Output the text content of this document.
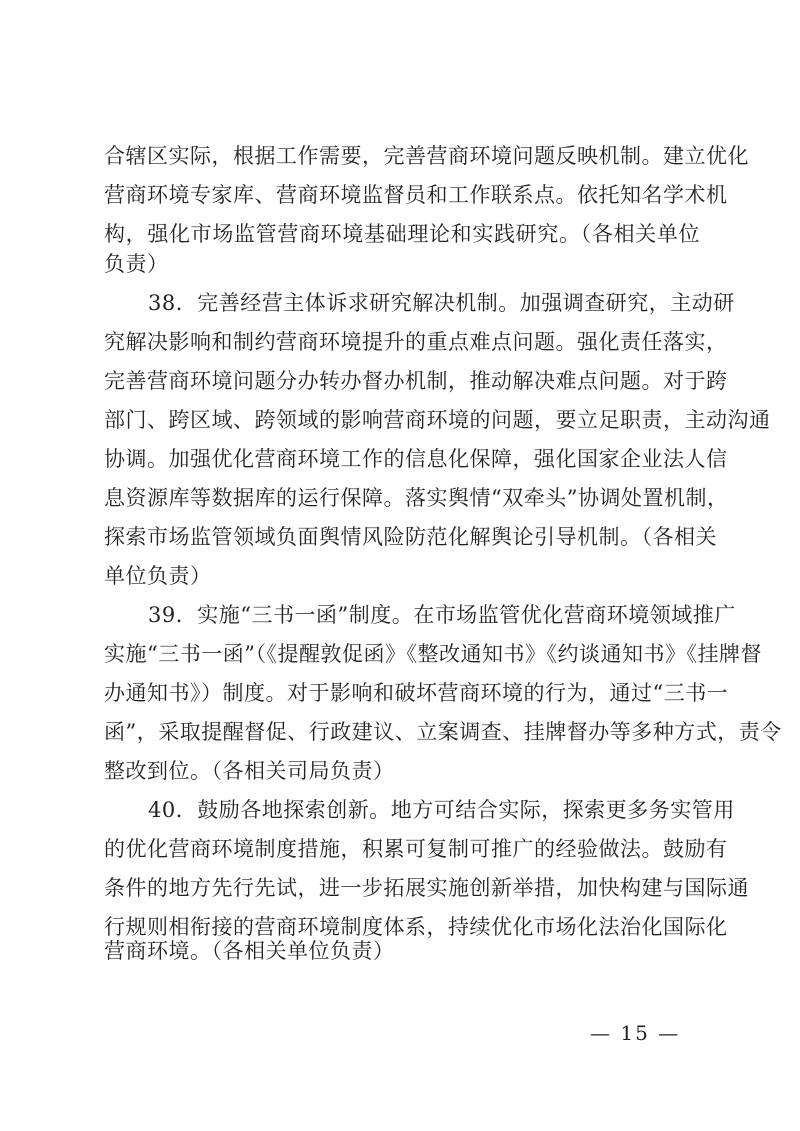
合辖区实际，根据工作需要，完善营商环境问题反映机制。建立优化
营商环境专家库、营商环境监督员和工作联系点。依托知名学术机
构，强化市场监管营商环境基础理论和实践研究。（各相关单位
负责）
38．完善经营主体诉求研究解决机制。加强调查研究，主动研
究解决影响和制约营商环境提升的重点难点问题。强化责任落实，
完善营商环境问题分办转办督办机制，推动解决难点问题。对于跨
部门、跨区域、跨领域的影响营商环境的问题，要立足职责，主动沟通
协调。加强优化营商环境工作的信息化保障，强化国家企业法人信
息资源库等数据库的运行保障。落实舆情“双牵头”协调处置机制，
探索市场监管领域负面舆情风险防范化解舆论引导机制。（各相关
单位负责）
39．实施“三书一函”制度。在市场监管优化营商环境领域推广
实施“三书一函”（《提醒敦促函》《整改通知书》《约谈通知书》《挂牌督
办通知书》）制度。对于影响和破坏营商环境的行为，通过“三书一
函”，采取提醒督促、行政建议、立案调查、挂牌督办等多种方式，责令
整改到位。（各相关司局负责）
40．鼓励各地探索创新。地方可结合实际，探索更多务实管用
的优化营商环境制度措施，积累可复制可推广的经验做法。鼓励有
条件的地方先行先试，进一步拓展实施创新举措，加快构建与国际通
行规则相衔接的营商环境制度体系，持续优化市场化法治化国际化
营商环境。（各相关单位负责）
— 15 —
